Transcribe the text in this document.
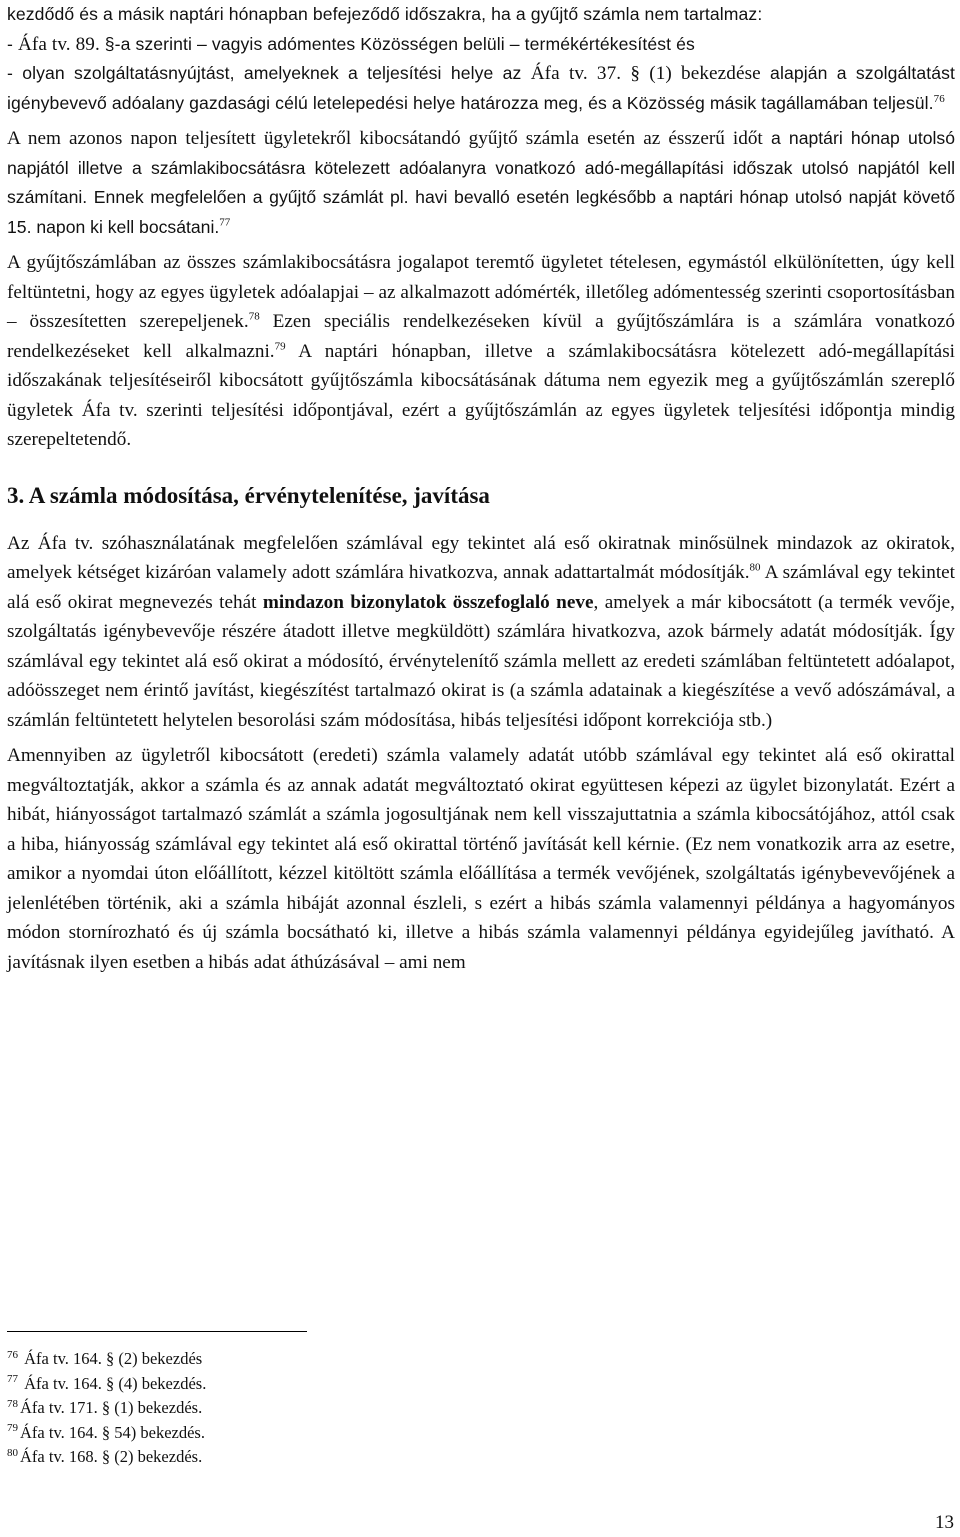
kezdődő és a másik naptári hónapban befejeződő időszakra, ha a gyűjtő számla nem tartalmaz:
- Áfa tv. 89. §-a szerinti – vagyis adómentes Közösségen belüli – termékértékesítést és
- olyan szolgáltatásnyújtást, amelyeknek a teljesítési helye az Áfa tv. 37. § (1) bekezdése alapján a szolgáltatást igénybevevő adóalany gazdasági célú letelepedési helye határozza meg, és a Közösség másik tagállamában teljesül.$^{76}$

A nem azonos napon teljesített ügyletekről kibocsátandó gyűjtő számla esetén az ésszerű időt a naptári hónap utolsó napjától illetve a számlakibocsátásra kötelezett adóalanyra vonatkozó adó-megállapítási időszak utolsó napjától kell számítani. Ennek megfelelően a gyűjtő számlát pl. havi bevalló esetén legkésőbb a naptári hónap utolsó napját követő 15. napon ki kell bocsátani.$^{77}$

A gyűjtőszámlában az összes számlakibocsátásra jogalapot teremtő ügyletet tételesen, egymástól elkülönítetten, úgy kell feltüntetni, hogy az egyes ügyletek adóalapjai – az alkalmazott adómérték, illetőleg adómentesség szerinti csoportosításban – összesítetten szerepeljenek.$^{78}$ Ezen speciális rendelkezéseken kívül a gyűjtőszámlára is a számlára vonatkozó rendelkezéseket kell alkalmazni.$^{79}$ A naptári hónapban, illetve a számlakibocsátásra kötelezett adó-megállapítási időszakának teljesítéseiről kibocsátott gyűjtőszámla kibocsátásának dátuma nem egyezik meg a gyűjtőszámlán szereplő ügyletek Áfa tv. szerinti teljesítési időpontjával, ezért a gyűjtőszámlán az egyes ügyletek teljesítési időpontja mindig szerepeltetendő.

3. A számla módosítása, érvénytelenítése, javítása

Az Áfa tv. szóhasználatának megfelelően számlával egy tekintet alá eső okiratnak minősülnek mindazok az okiratok, amelyek kétséget kizáróan valamely adott számlára hivatkozva, annak adattartalmát módosítják.$^{80}$ A számlával egy tekintet alá eső okirat megnevezés tehát mindazon bizonylatok összefoglaló neve, amelyek a már kibocsátott (a termék vevője, szolgáltatás igénybevevője részére átadott illetve megküldött) számlára hivatkozva, azok bármely adatát módosítják. Így számlával egy tekintet alá eső okirat a módosító, érvénytelenítő számla mellett az eredeti számlában feltüntetett adóalapot, adóösszeget nem érintő javítást, kiegészítést tartalmazó okirat is (a számla adatainak a kiegészítése a vevő adószámával, a számlán feltüntetett helytelen besorolási szám módosítása, hibás teljesítési időpont korrekciója stb.)

Amennyiben az ügyletről kibocsátott (eredeti) számla valamely adatát utóbb számlával egy tekintet alá eső okirattal megváltoztatják, akkor a számla és az annak adatát megváltoztató okirat együttesen képezi az ügylet bizonylatát. Ezért a hibát, hiányosságot tartalmazó számlát a számla jogosultjának nem kell visszajuttatnia a számla kibocsátójához, attól csak a hiba, hiányosság számlával egy tekintet alá eső okirattal történő javítását kell kérnie. (Ez nem vonatkozik arra az esetre, amikor a nyomdai úton előállított, kézzel kitöltött számla előállítása a termék vevőjének, szolgáltatás igénybevevőjének a jelenlétében történik, aki a számla hibáját azonnal észleli, s ezért a hibás számla valamennyi példánya a hagyományos módon stornírozható és új számla bocsátható ki, illetve a hibás számla valamennyi példánya egyidejűleg javítható. A javításnak ilyen esetben a hibás adat áthúzásával – ami nem

$^{76}$ Áfa tv. 164. § (2) bekezdés

$^{77}$ Áfa tv. 164. § (4) bekezdés.

$^{78}$ Áfa tv. 171. § (1) bekezdés.

$^{79}$ Áfa tv. 164. § 54) bekezdés.

$^{80}$ Áfa tv. 168. § (2) bekezdés.

13
